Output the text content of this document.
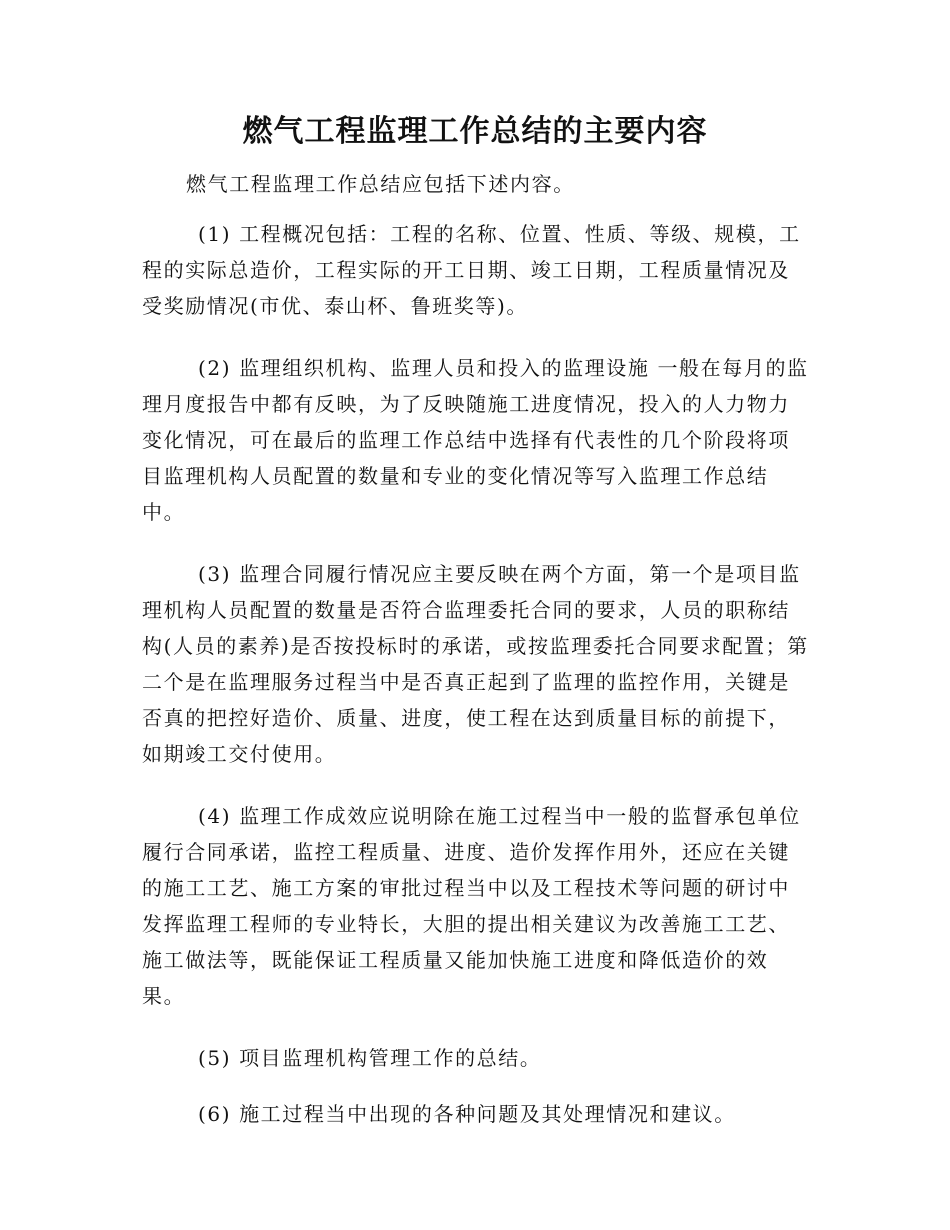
燃气工程监理工作总结的主要内容

燃气工程监理工作总结应包括下述内容。

(1) 工程概况包括：工程的名称、位置、性质、等级、规模，工程的实际总造价，工程实际的开工日期、竣工日期，工程质量情况及受奖励情况(市优、泰山杯、鲁班奖等)。

(2) 监理组织机构、监理人员和投入的监理设施 一般在每月的监理月度报告中都有反映，为了反映随施工进度情况，投入的人力物力变化情况，可在最后的监理工作总结中选择有代表性的几个阶段将项目监理机构人员配置的数量和专业的变化情况等写入监理工作总结中。

(3) 监理合同履行情况应主要反映在两个方面，第一个是项目监理机构人员配置的数量是否符合监理委托合同的要求，人员的职称结构(人员的素养)是否按投标时的承诺，或按监理委托合同要求配置；第二个是在监理服务过程当中是否真正起到了监理的监控作用，关键是否真的把控好造价、质量、进度，使工程在达到质量目标的前提下，如期竣工交付使用。

(4) 监理工作成效应说明除在施工过程当中一般的监督承包单位履行合同承诺，监控工程质量、进度、造价发挥作用外，还应在关键的施工工艺、施工方案的审批过程当中以及工程技术等问题的研讨中发挥监理工程师的专业特长，大胆的提出相关建议为改善施工工艺、施工做法等，既能保证工程质量又能加快施工进度和降低造价的效果。

(5) 项目监理机构管理工作的总结。

(6) 施工过程当中出现的各种问题及其处理情况和建议。
